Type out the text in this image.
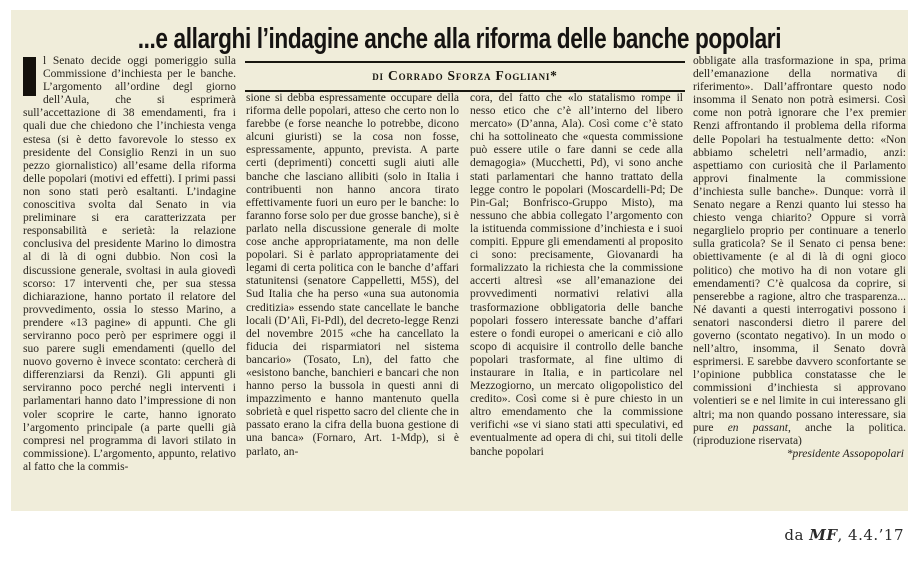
...e allarghi l’indagine anche alla riforma delle banche popolari
di Corrado Sforza Fogliani*
I l Senato decide oggi pomeriggio sulla Commissione d’inchiesta per le banche. L’argomento all’ordine degl giorno dell’Aula, che si esprimerà sull’accettazione di 38 emendamenti, fra i quali due che chiedono che l’inchiesta venga estesa (si è detto favorevole lo stesso ex presidente del Consiglio Renzi in un suo pezzo giornalistico) all’esame della riforma delle popolari (motivi ed effetti). I primi passi non sono stati però esaltanti. L’indagine conoscitiva svolta dal Senato in via preliminare si era caratterizzata per responsabilità e serietà: la relazione conclusiva del presidente Marino lo dimostra al di là di ogni dubbio. Non così la discussione generale, svoltasi in aula giovedì scorso: 17 interventi che, per sua stessa dichiarazione, hanno portato il relatore del provvedimento, ossia lo stesso Marino, a prendere «13 pagine» di appunti. Che gli serviranno poco però per esprimere oggi il suo parere sugli emendamenti (quello del nuovo governo è invece scontato: cercherà di differenziarsi da Renzi). Gli appunti gli serviranno poco perché negli interventi i parlamentari hanno dato l’impressione di non voler scoprire le carte, hanno ignorato l’argomento principale (a parte quelli già compresi nel programma di lavori stilato in commissione). L’argomento, appunto, relativo al fatto che la commis-
sione si debba espressamente occupare della riforma delle popolari, atteso che certo non lo farebbe (e forse neanche lo potrebbe, dicono alcuni giuristi) se la cosa non fosse, espressamente, appunto, prevista. A parte certi (deprimenti) concetti sugli aiuti alle banche che lasciano allibiti (solo in Italia i contribuenti non hanno ancora tirato effettivamente fuori un euro per le banche: lo faranno forse solo per due grosse banche), si è parlato nella discussione generale di molte cose anche appropriatamente, ma non delle popolari. Si è parlato appropriatamente dei legami di certa politica con le banche d’affari statunitensi (senatore Cappelletti, M5S), del Sud Italia che ha perso «una sua autonomia creditizia» essendo state cancellate le banche locali (D’Alì, Fi-Pdl), del decreto-legge Renzi del novembre 2015 «che ha cancellato la fiducia dei risparmiatori nel sistema bancario» (Tosato, Ln), del fatto che «esistono banche, banchieri e bancari che non hanno perso la bussola in questi anni di impazzimento e hanno mantenuto quella sobrietà e quel rispetto sacro del cliente che in passato erano la cifra della buona gestione di una banca» (Fornaro, Art. 1-Mdp), si è parlato, an-
cora, del fatto che «lo statalismo rompe il nesso etico che c’è all’interno del libero mercato» (D’anna, Ala). Così come c’è stato chi ha sottolineato che «questa commissione può essere utile o fare danni se cede alla demagogia» (Mucchetti, Pd), vi sono anche stati parlamentari che hanno trattato della legge contro le popolari (Moscardelli-Pd; De Pin-Gal; Bonfrisco-Gruppo Misto), ma nessuno che abbia collegato l’argomento con la istituenda commissione d’inchiesta e i suoi compiti. Eppure gli emendamenti al proposito ci sono: precisamente, Giovanardi ha formalizzato la richiesta che la commissione accerti altresì «se all’emanazione dei provvedimenti normativi relativi alla trasformazione obbligatoria delle banche popolari fossero interessate banche d’affari estere o fondi europei o americani e ciò allo scopo di acquisire il controllo delle banche popolari trasformate, al fine ultimo di instaurare in Italia, e in particolare nel Mezzogiorno, un mercato oligopolistico del credito». Così come si è pure chiesto in un altro emendamento che la commissione verifichi «se vi siano stati atti speculativi, ed eventualmente ad opera di chi, sui titoli delle banche popolari
obbligate alla trasformazione in spa, prima dell’emanazione della normativa di riferimento». Dall’affrontare questo nodo insomma il Senato non potrà esimersi. Così come non potrà ignorare che l’ex premier Renzi affrontando il problema della riforma delle Popolari ha testualmente detto: «Non abbiamo scheletri nell’armadio, anzi: aspettiamo con curiosità che il Parlamento approvi finalmente la commissione d’inchiesta sulle banche». Dunque: vorrà il Senato negare a Renzi quanto lui stesso ha chiesto venga chiarito? Oppure si vorrà negarglielo proprio per continuare a tenerlo sulla graticola? Se il Senato ci pensa bene: obiettivamente (e al di là di ogni gioco politico) che motivo ha di non votare gli emendamenti? C’è qualcosa da coprire, si penserebbe a ragione, altro che trasparenza... Né davanti a questi interrogativi possono i senatori nascondersi dietro il parere del governo (scontato negativo). In un modo o nell’altro, insomma, il Senato dovrà esprimersi. E sarebbe davvero sconfortante se l’opinione pubblica constatasse che le commissioni d’inchiesta si approvano volentieri se e nel limite in cui interessano gli altri; ma non quando possano interessare, sia pure en passant, anche la politica. (riproduzione riservata)
*presidente Assopopolari
da MF, 4.4.’17
